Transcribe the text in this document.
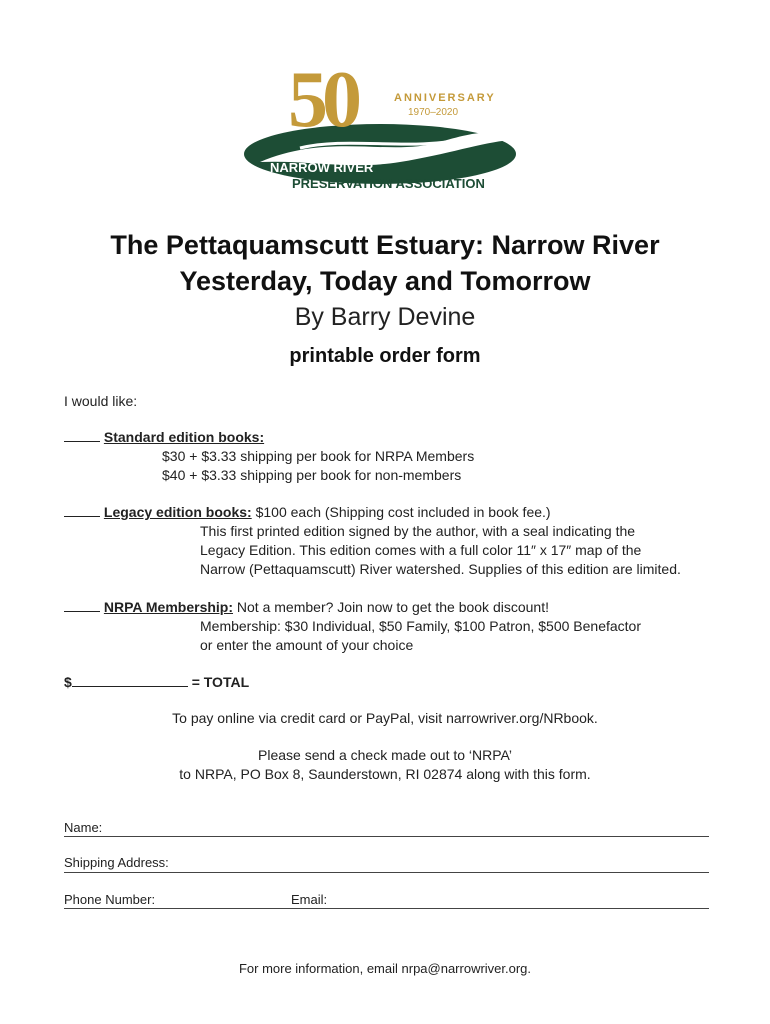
50	ANNIVERSARY
1970–2020
NARROW RIVER
PRESERVATION ASSOCIATION
The Pettaquamscutt Estuary: Narrow River
Yesterday, Today and Tomorrow
By Barry Devine
printable order form
I would like:
Standard edition books:
$30 + $3.33 shipping per book for NRPA Members
$40 + $3.33 shipping per book for non-members
Legacy edition books: $100 each (Shipping cost included in book fee.)
This first printed edition signed by the author, with a seal indicating the
Legacy Edition. This edition comes with a full color 11″ x 17″ map of the
Narrow (Pettaquamscutt) River watershed. Supplies of this edition are limited.
NRPA Membership: Not a member? Join now to get the book discount!
Membership: $30 Individual, $50 Family, $100 Patron, $500 Benefactor
or enter the amount of your choice
$	= TOTAL
To pay online via credit card or PayPal, visit narrowriver.org/NRbook.
Please send a check made out to ‘NRPA’
to NRPA, PO Box 8, Saunderstown, RI 02874 along with this form.
Name:
Shipping Address:
Phone Number:	Email:
For more information, email nrpa@narrowriver.org.
